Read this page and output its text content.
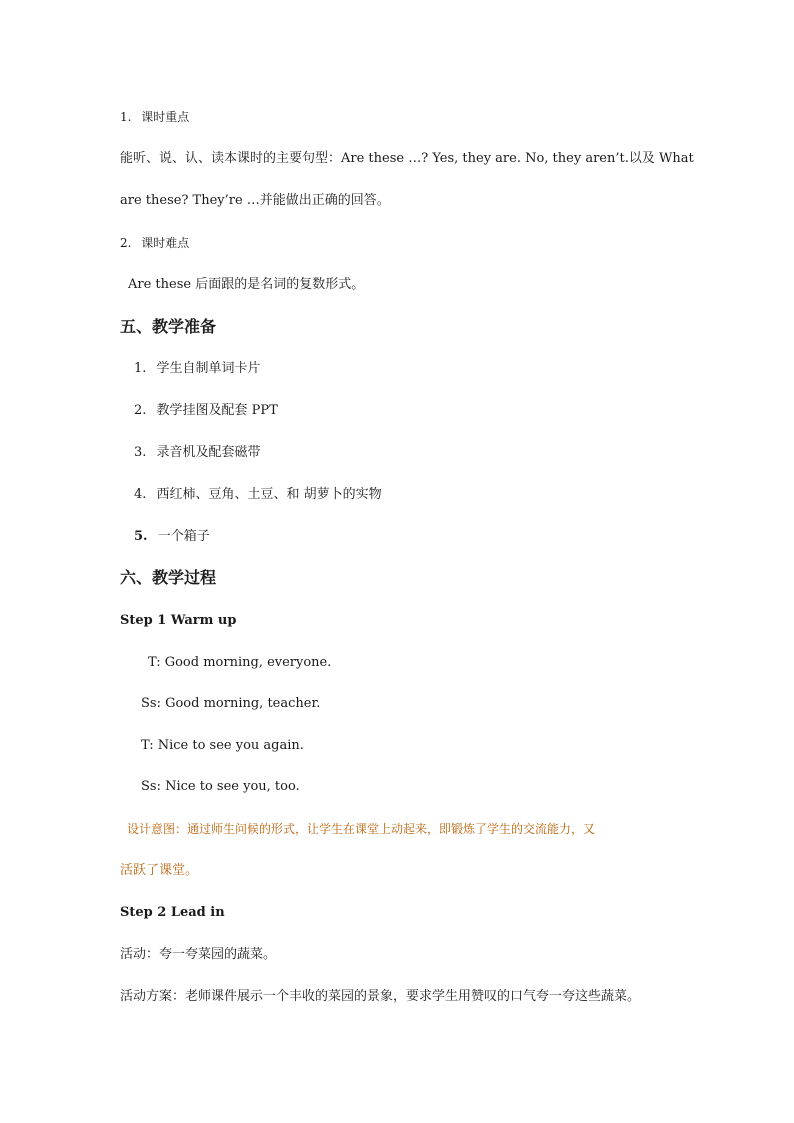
1. 课时重点
能听、说、认、读本课时的主要句型：Are these …? Yes, they are. No, they aren’t.以及 What
are these? They’re …并能做出正确的回答。
2. 课时难点
Are these 后面跟的是名词的复数形式。
五、教学准备
1. 学生自制单词卡片
2. 教学挂图及配套 PPT
3. 录音机及配套磁带
4. 西红柿、豆角、土豆、和 胡萝卜的实物
5. 一个箱子
六、教学过程
Step 1 Warm up
T: Good morning, everyone.
Ss: Good morning, teacher.
T: Nice to see you again.
Ss: Nice to see you, too.
设计意图：通过师生问候的形式，让学生在课堂上动起来，即锻炼了学生的交流能力，又
活跃了课堂。
Step 2 Lead in
活动：夸一夸菜园的蔬菜。
活动方案：老师课件展示一个丰收的菜园的景象，要求学生用赞叹的口气夸一夸这些蔬菜。
